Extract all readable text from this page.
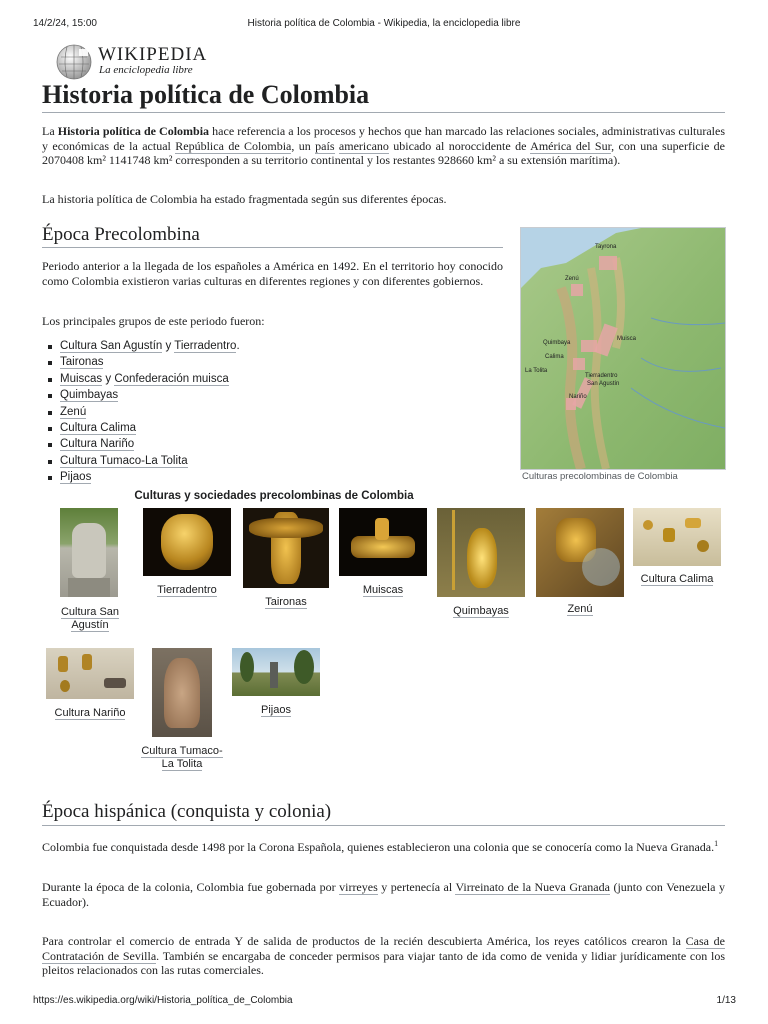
14/2/24, 15:00	Historia política de Colombia - Wikipedia, la enciclopedia libre
WIKIPEDIA
La enciclopedia libre
Historia política de Colombia
La Historia política de Colombia hace referencia a los procesos y hechos que han marcado las relaciones sociales, administrativas culturales y económicas de la actual República de Colombia, un país americano ubicado al noroccidente de América del Sur, con una superficie de 2070408 km² 1141748 km² corresponden a su territorio continental y los restantes 928660 km² a su extensión marítima).
La historia política de Colombia ha estado fragmentada según sus diferentes épocas.
Época Precolombina
Periodo anterior a la llegada de los españoles a América en 1492. En el territorio hoy conocido como Colombia existieron varias culturas en diferentes regiones y con diferentes gobiernos.
Los principales grupos de este periodo fueron:
Cultura San Agustín y Tierradentro.
Taironas
Muiscas y Confederación muisca
Quimbayas
Zenú
Cultura Calima
Cultura Nariño
Cultura Tumaco-La Tolita
Pijaos
Tayrona
Zenú
Muisca
Quimbaya
Calima
La Tolita
Tierradentro
San Agustín
Nariño
Culturas precolombinas de Colombia
Culturas y sociedades precolombinas de Colombia
Cultura San Agustín
Tierradentro
Taironas
Muiscas
Quimbayas	Zenú
Cultura Calima
Cultura Nariño
Cultura Tumaco-La Tolita
Pijaos
Época hispánica (conquista y colonia)
Colombia fue conquistada desde 1498 por la Corona Española, quienes establecieron una colonia que se conocería como la Nueva Granada.$^1$
Durante la época de la colonia, Colombia fue gobernada por virreyes y pertenecía al Virreinato de la Nueva Granada (junto con Venezuela y Ecuador).
Para controlar el comercio de entrada Y de salida de productos de la recién descubierta América, los reyes católicos crearon la Casa de Contratación de Sevilla. También se encargaba de conceder permisos para viajar tanto de ida como de venida y lidiar jurídicamente con los pleitos relacionados con las rutas comerciales.
https://es.wikipedia.org/wiki/Historia_política_de_Colombia	1/13
